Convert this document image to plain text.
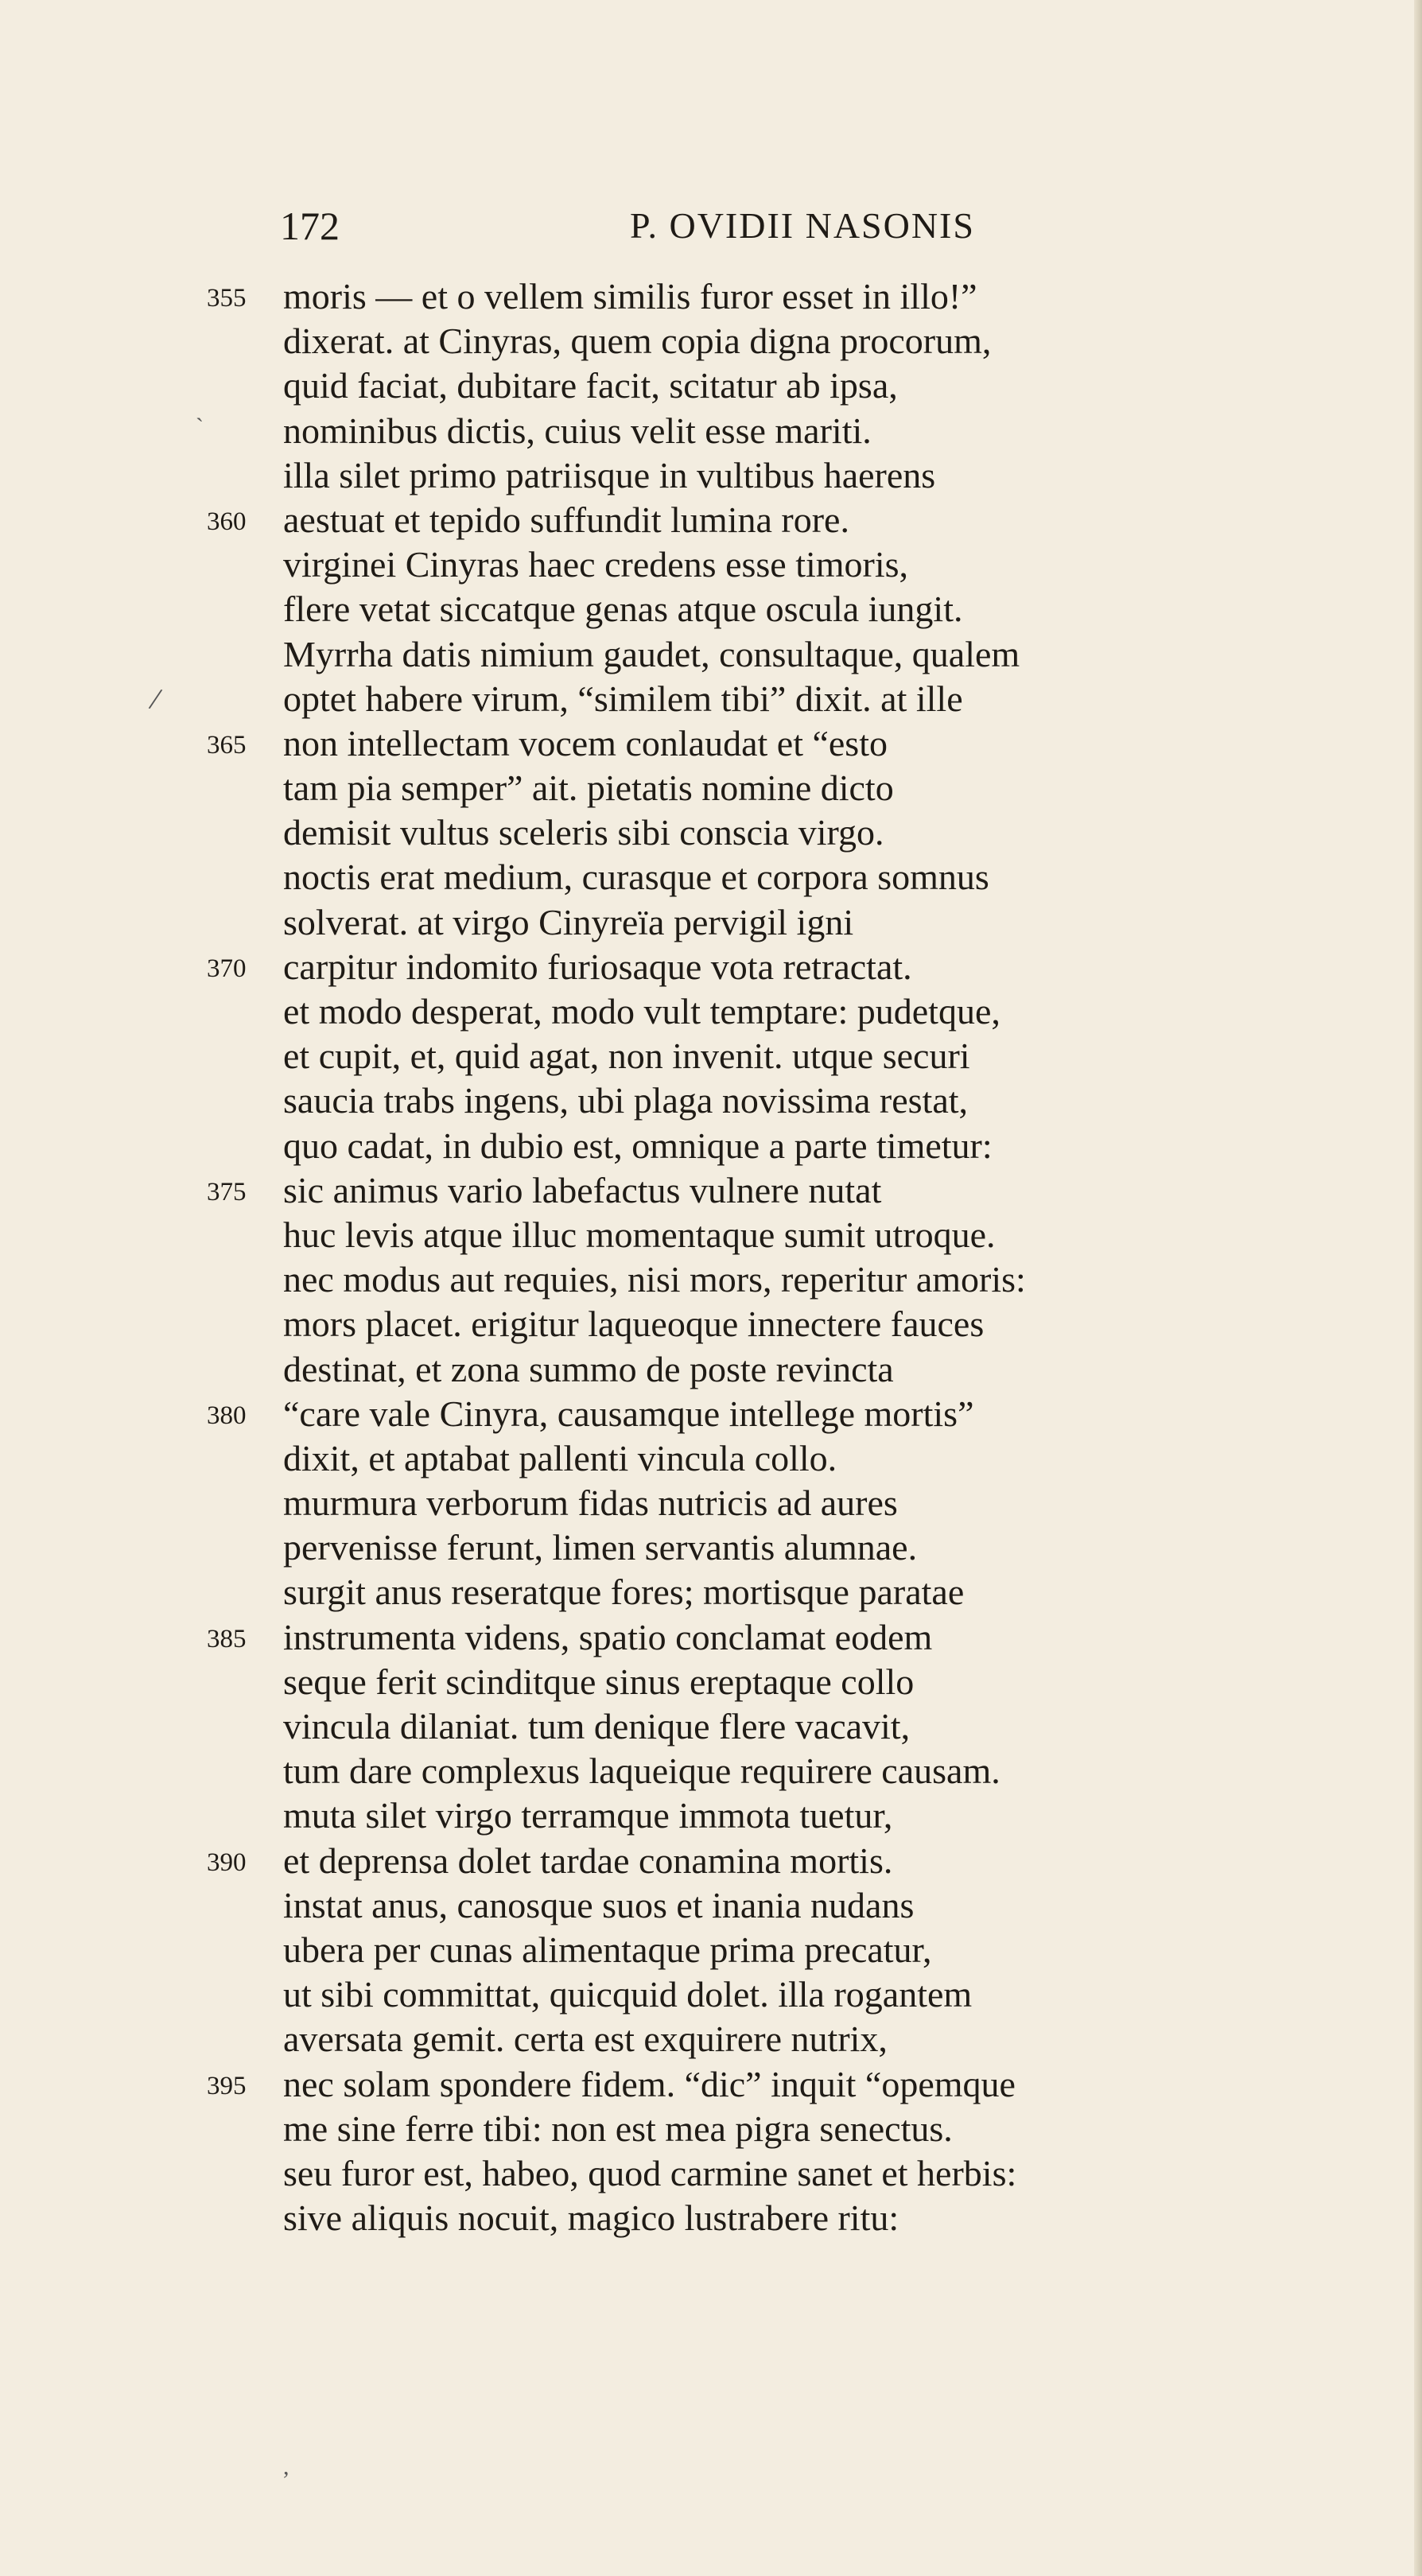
172	P. OVIDII NASONIS
355	moris — et o vellem similis furor esset in illo!”
dixerat. at Cinyras, quem copia digna procorum,
quid faciat, dubitare facit, scitatur ab ipsa,
nominibus dictis, cuius velit esse mariti.
illa silet primo patriisque in vultibus haerens
360	aestuat et tepido suffundit lumina rore.
virginei Cinyras haec credens esse timoris,
flere vetat siccatque genas atque oscula iungit.
Myrrha datis nimium gaudet, consultaque, qualem
optet habere virum, “similem tibi” dixit. at ille
365	non intellectam vocem conlaudat et “esto
tam pia semper” ait. pietatis nomine dicto
demisit vultus sceleris sibi conscia virgo.
noctis erat medium, curasque et corpora somnus
solverat. at virgo Cinyreïa pervigil igni
370	carpitur indomito furiosaque vota retractat.
et modo desperat, modo vult temptare: pudetque,
et cupit, et, quid agat, non invenit. utque securi
saucia trabs ingens, ubi plaga novissima restat,
quo cadat, in dubio est, omnique a parte timetur:
375	sic animus vario labefactus vulnere nutat
huc levis atque illuc momentaque sumit utroque.
nec modus aut requies, nisi mors, reperitur amoris:
mors placet. erigitur laqueoque innectere fauces
destinat, et zona summo de poste revincta
380	“care vale Cinyra, causamque intellege mortis”
dixit, et aptabat pallenti vincula collo.
murmura verborum fidas nutricis ad aures
pervenisse ferunt, limen servantis alumnae.
surgit anus reseratque fores; mortisque paratae
385	instrumenta videns, spatio conclamat eodem
seque ferit scinditque sinus ereptaque collo
vincula dilaniat. tum denique flere vacavit,
tum dare complexus laqueique requirere causam.
muta silet virgo terramque immota tuetur,
390	et deprensa dolet tardae conamina mortis.
instat anus, canosque suos et inania nudans
ubera per cunas alimentaque prima precatur,
ut sibi committat, quicquid dolet. illa rogantem
aversata gemit. certa est exquirere nutrix,
395	nec solam spondere fidem. “dic” inquit “opemque
me sine ferre tibi: non est mea pigra senectus.
seu furor est, habeo, quod carmine sanet et herbis:
sive aliquis nocuit, magico lustrabere ritu:
`
/
,
